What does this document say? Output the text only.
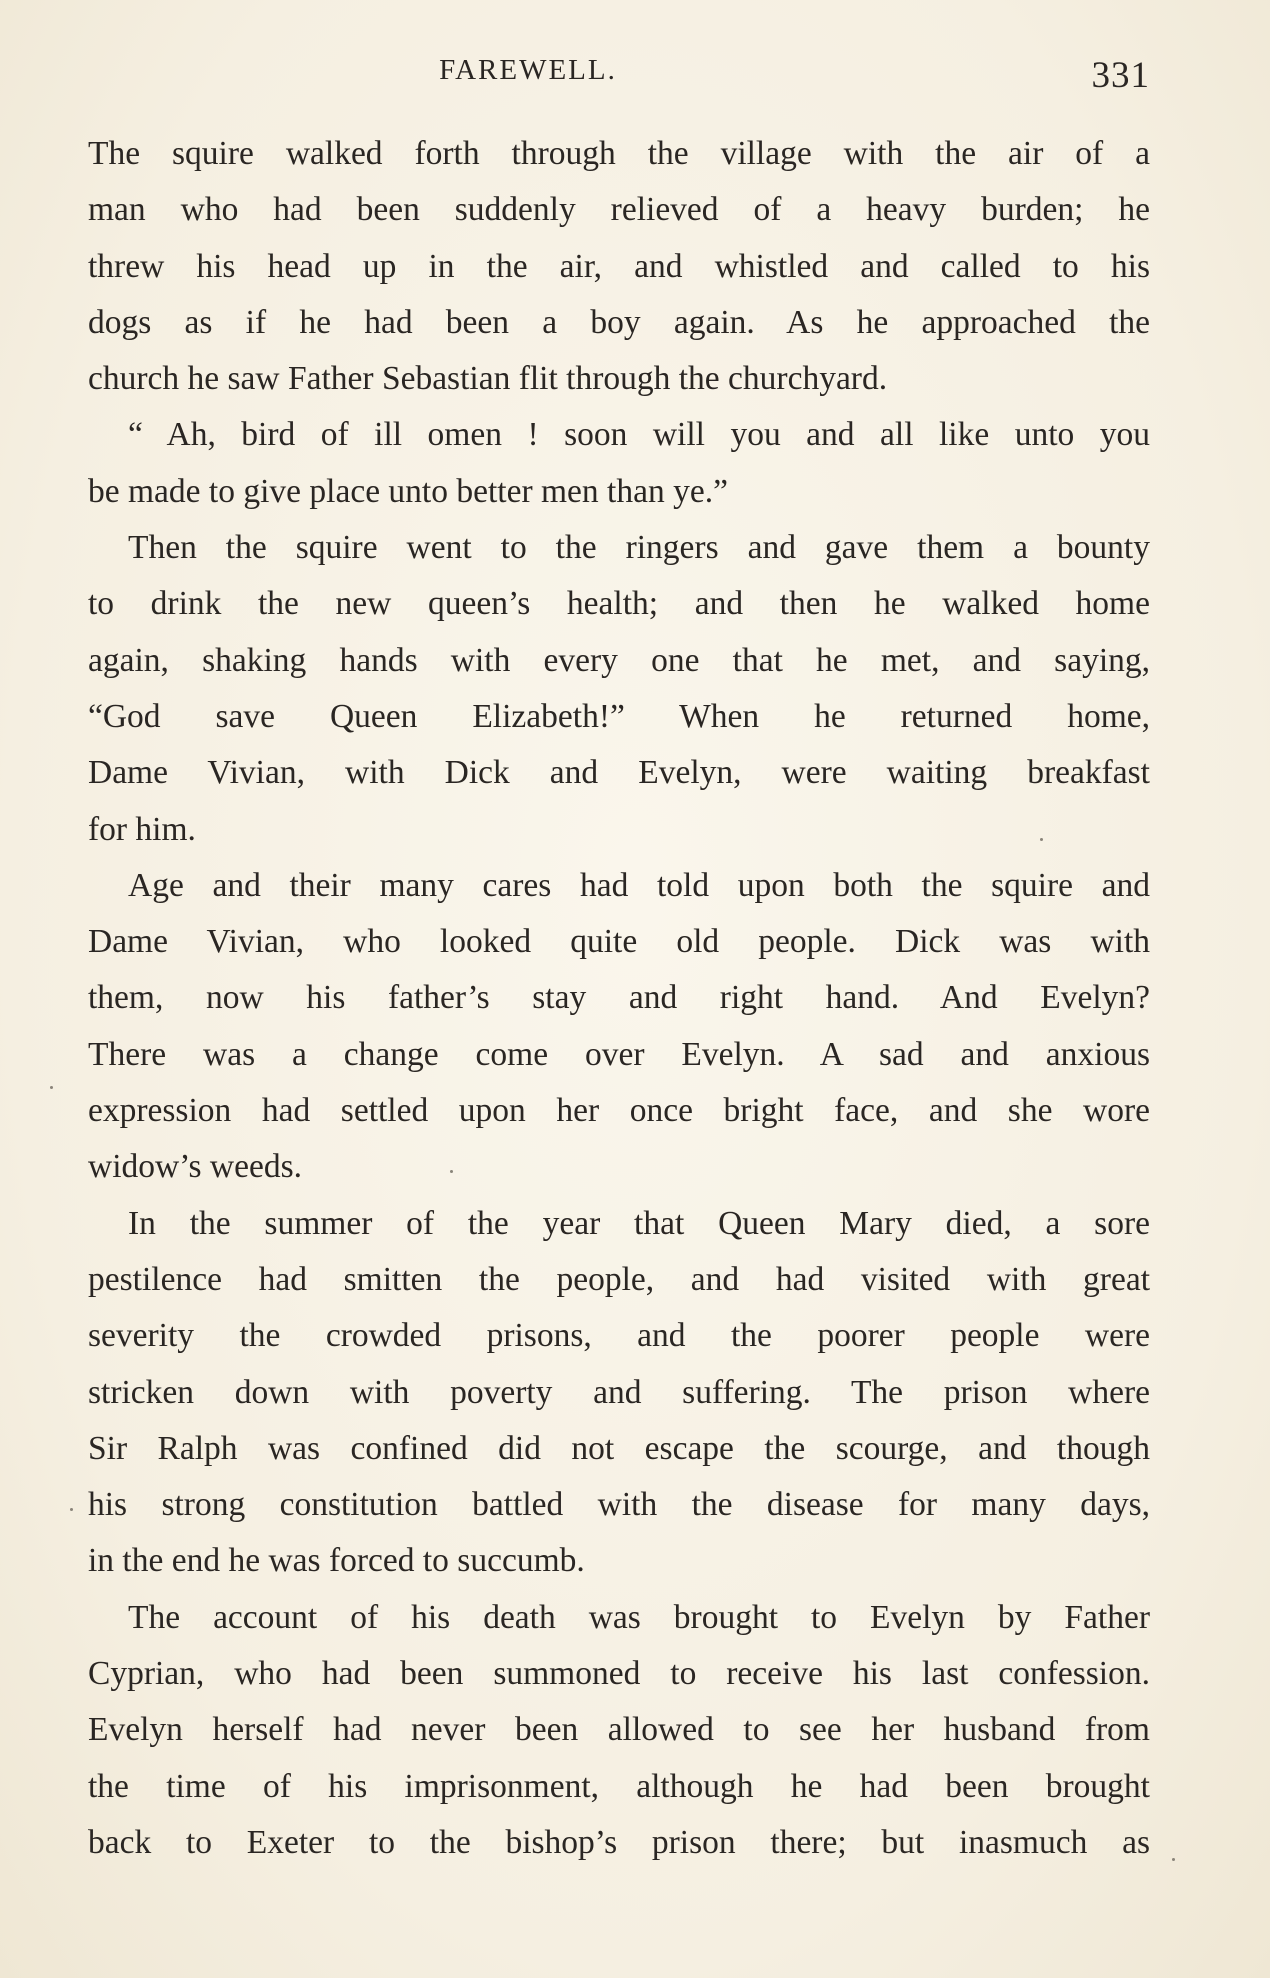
FAREWELL.	331
The squire walked forth through the village with the air of a
man who had been suddenly relieved of a heavy burden; he
threw his head up in the air, and whistled and called to his
dogs as if he had been a boy again. As he approached the
church he saw Father Sebastian flit through the churchyard.
“ Ah, bird of ill omen ! soon will you and all like unto you
be made to give place unto better men than ye.”
Then the squire went to the ringers and gave them a bounty
to drink the new queen’s health; and then he walked home
again, shaking hands with every one that he met, and saying,
“God save Queen Elizabeth!” When he returned home,
Dame Vivian, with Dick and Evelyn, were waiting breakfast
for him.
Age and their many cares had told upon both the squire and
Dame Vivian, who looked quite old people. Dick was with
them, now his father’s stay and right hand. And Evelyn?
There was a change come over Evelyn. A sad and anxious
expression had settled upon her once bright face, and she wore
widow’s weeds.
In the summer of the year that Queen Mary died, a sore
pestilence had smitten the people, and had visited with great
severity the crowded prisons, and the poorer people were
stricken down with poverty and suffering. The prison where
Sir Ralph was confined did not escape the scourge, and though
his strong constitution battled with the disease for many days,
in the end he was forced to succumb.
The account of his death was brought to Evelyn by Father
Cyprian, who had been summoned to receive his last confession.
Evelyn herself had never been allowed to see her husband from
the time of his imprisonment, although he had been brought
back to Exeter to the bishop’s prison there; but inasmuch as
